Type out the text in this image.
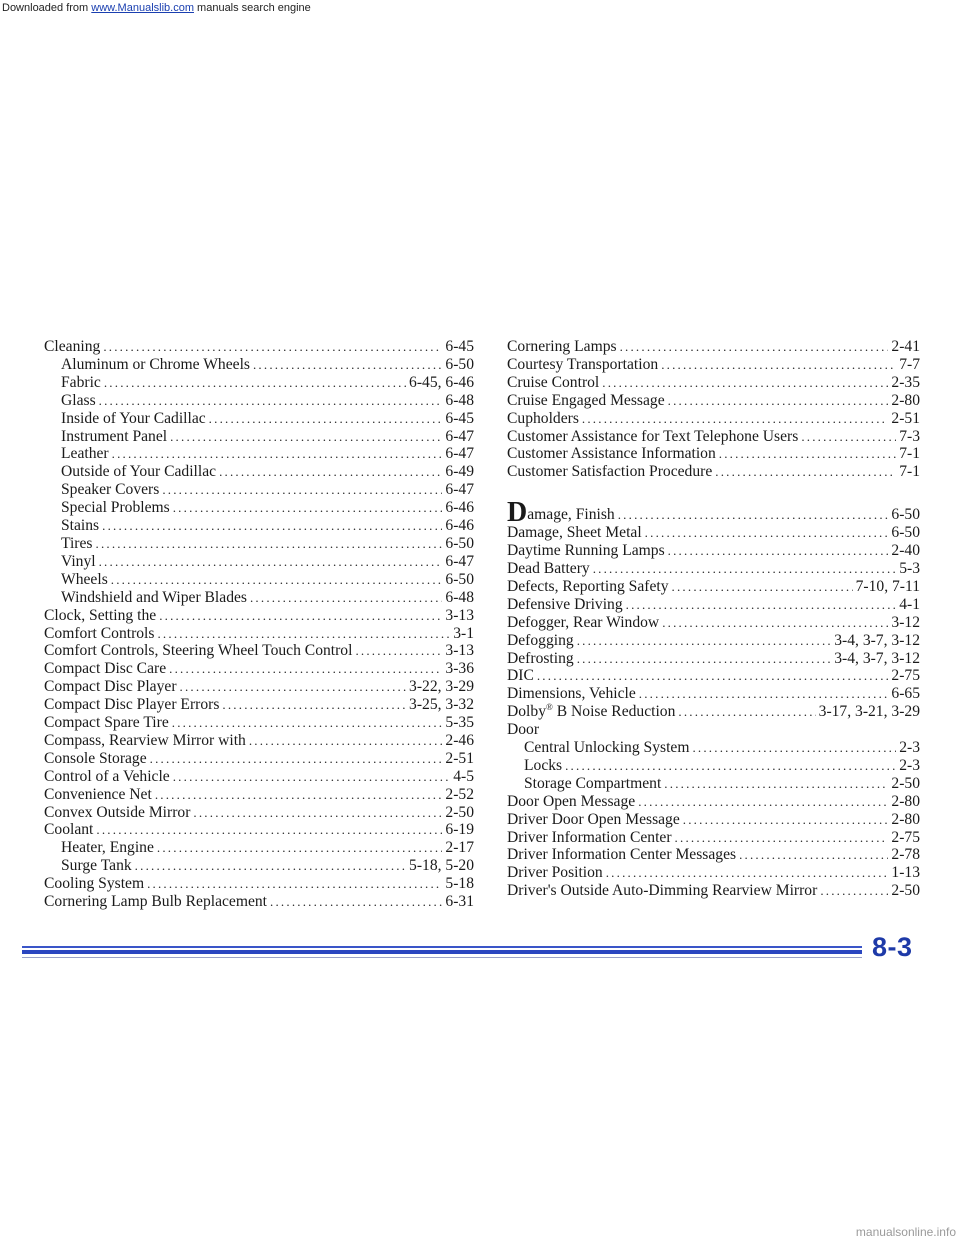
Downloaded from www.Manualslib.com manuals search engine
Cleaning .....	6-45
Aluminum or Chrome Wheels .....	6-50
Fabric .....	6-45, 6-46
Glass .....	6-48
Inside of Your Cadillac .....	6-45
Instrument Panel .....	6-47
Leather .....	6-47
Outside of Your Cadillac .....	6-49
Speaker Covers .....	6-47
Special Problems .....	6-46
Stains .....	6-46
Tires .....	6-50
Vinyl .....	6-47
Wheels .....	6-50
Windshield and Wiper Blades .....	6-48
Clock, Setting the .....	3-13
Comfort Controls .....	3-1
Comfort Controls, Steering Wheel Touch Control .....	3-13
Compact Disc Care .....	3-36
Compact Disc Player .....	3-22, 3-29
Compact Disc Player Errors .....	3-25, 3-32
Compact Spare Tire .....	5-35
Compass, Rearview Mirror with .....	2-46
Console Storage .....	2-51
Control of a Vehicle .....	4-5
Convenience Net .....	2-52
Convex Outside Mirror .....	2-50
Coolant .....	6-19
Heater, Engine .....	2-17
Surge Tank .....	5-18, 5-20
Cooling System .....	5-18
Cornering Lamp Bulb Replacement .....	6-31
Cornering Lamps .....	2-41
Courtesy Transportation .....	7-7
Cruise Control .....	2-35
Cruise Engaged Message .....	2-80
Cupholders .....	2-51
Customer Assistance for Text Telephone Users .....	7-3
Customer Assistance Information .....	7-1
Customer Satisfaction Procedure .....	7-1
Damage, Finish .....	6-50
Damage, Sheet Metal .....	6-50
Daytime Running Lamps .....	2-40
Dead Battery .....	5-3
Defects, Reporting Safety .....	7-10, 7-11
Defensive Driving .....	4-1
Defogger, Rear Window .....	3-12
Defogging .....	3-4, 3-7, 3-12
Defrosting .....	3-4, 3-7, 3-12
DIC .....	2-75
Dimensions, Vehicle .....	6-65
Dolby® B Noise Reduction .....	3-17, 3-21, 3-29
Door
Central Unlocking System .....	2-3
Locks .....	2-3
Storage Compartment .....	2-50
Door Open Message .....	2-80
Driver Door Open Message .....	2-80
Driver Information Center .....	2-75
Driver Information Center Messages .....	2-78
Driver Position .....	1-13
Driver's Outside Auto-Dimming Rearview Mirror .....	2-50
8-3
manualsonline.info
